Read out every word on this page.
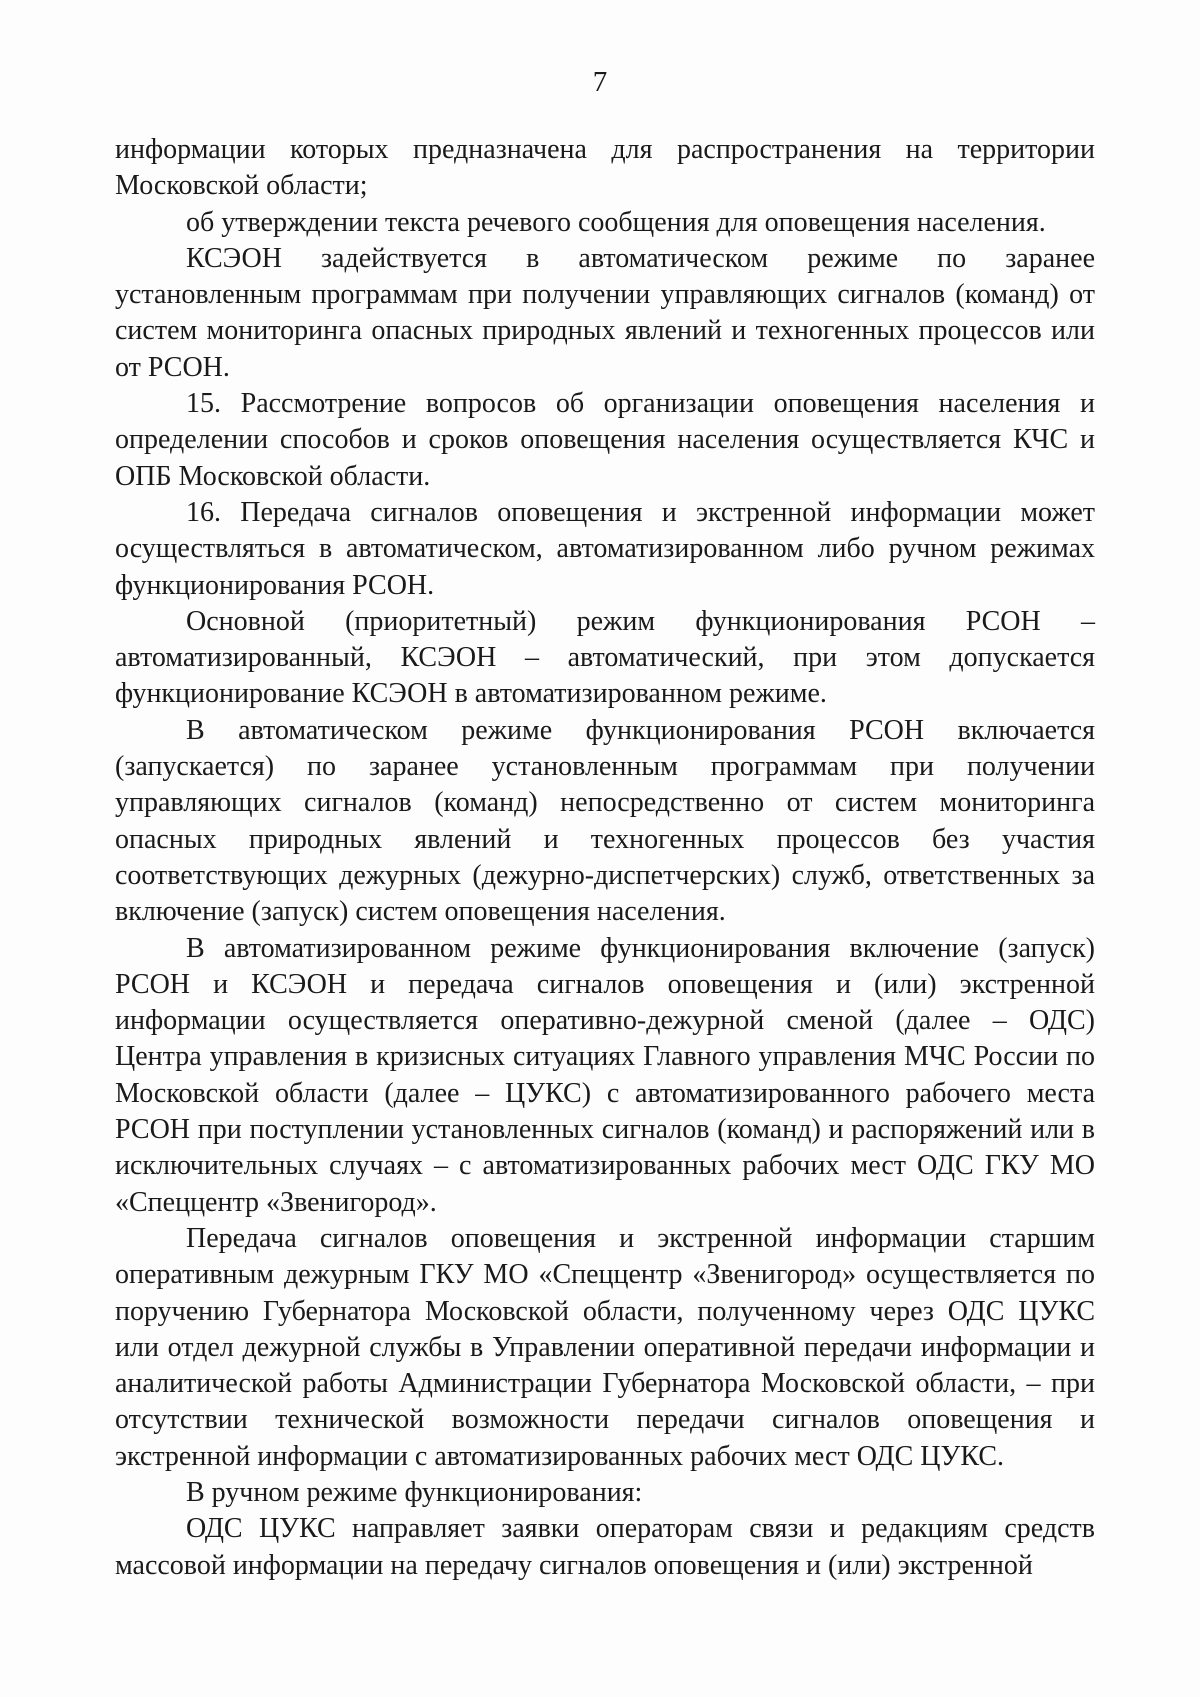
7

информации которых предназначена для распространения на территории Московской области;

об утверждении текста речевого сообщения для оповещения населения.

КСЭОН задействуется в автоматическом режиме по заранее установленным программам при получении управляющих сигналов (команд) от систем мониторинга опасных природных явлений и техногенных процессов или от РСОН.

15. Рассмотрение вопросов об организации оповещения населения и определении способов и сроков оповещения населения осуществляется КЧС и ОПБ Московской области.

16. Передача сигналов оповещения и экстренной информации может осуществляться в автоматическом, автоматизированном либо ручном режимах функционирования РСОН.

Основной (приоритетный) режим функционирования РСОН – автоматизированный, КСЭОН – автоматический, при этом допускается функционирование КСЭОН в автоматизированном режиме.

В автоматическом режиме функционирования РСОН включается (запускается) по заранее установленным программам при получении управляющих сигналов (команд) непосредственно от систем мониторинга опасных природных явлений и техногенных процессов без участия соответствующих дежурных (дежурно-диспетчерских) служб, ответственных за включение (запуск) систем оповещения населения.

В автоматизированном режиме функционирования включение (запуск) РСОН и КСЭОН и передача сигналов оповещения и (или) экстренной информации осуществляется оперативно-дежурной сменой (далее – ОДС) Центра управления в кризисных ситуациях Главного управления МЧС России по Московской области (далее – ЦУКС) с автоматизированного рабочего места РСОН при поступлении установленных сигналов (команд) и распоряжений или в исключительных случаях – с автоматизированных рабочих мест ОДС ГКУ МО «Спеццентр «Звенигород».

Передача сигналов оповещения и экстренной информации старшим оперативным дежурным ГКУ МО «Спеццентр «Звенигород» осуществляется по поручению Губернатора Московской области, полученному через ОДС ЦУКС или отдел дежурной службы в Управлении оперативной передачи информации и аналитической работы Администрации Губернатора Московской области, – при отсутствии технической возможности передачи сигналов оповещения и экстренной информации с автоматизированных рабочих мест ОДС ЦУКС.

В ручном режиме функционирования:

ОДС ЦУКС направляет заявки операторам связи и редакциям средств массовой информации на передачу сигналов оповещения и (или) экстренной
